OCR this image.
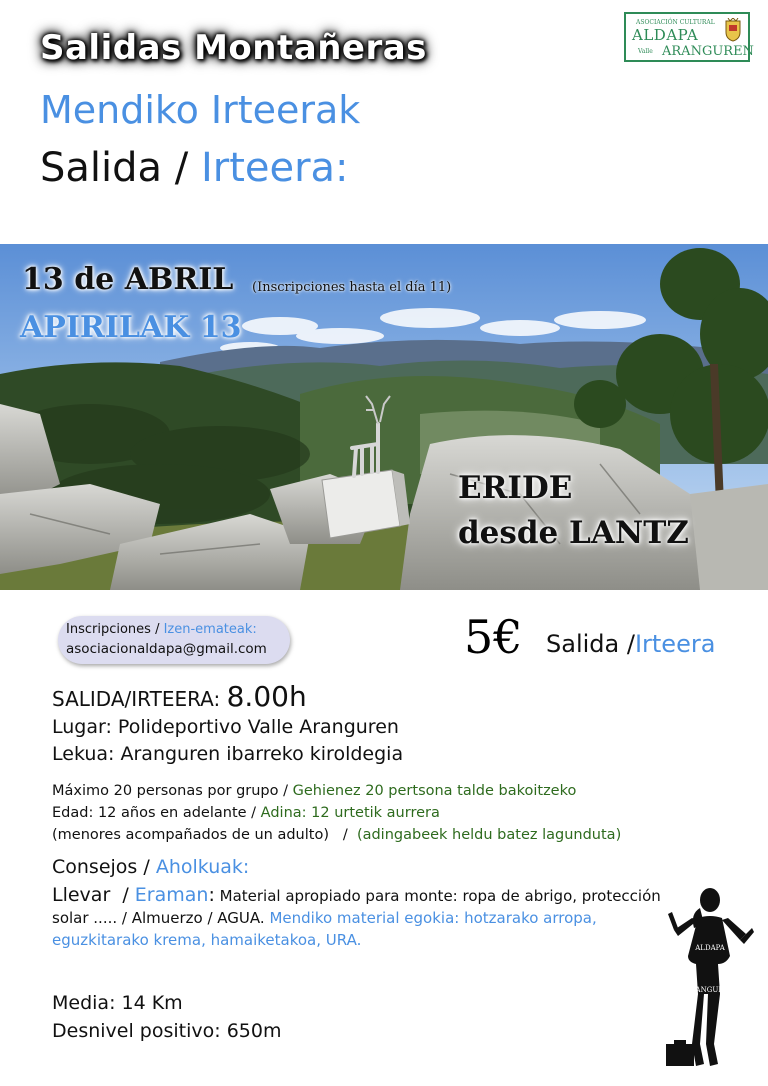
Salidas Montañeras
Mendiko Irteerak
Salida / Irteera:
ASOCIACIÓN CULTURAL
ALDAPA
Valle ARANGUREN
13 de ABRIL (Inscripciones hasta el día 11)
APIRILAK 13
ERIDE
desde LANTZ
Inscripciones / Izen-emateak:
asociacionaldapa@gmail.com	5€ Salida /Irteera
SALIDA/IRTEERA: 8.00h
Lugar: Polideportivo Valle Aranguren
Lekua: Aranguren ibarreko kiroldegia
Máximo 20 personas por grupo / Gehienez 20 pertsona talde bakoitzeko
Edad: 12 años en adelante / Adina: 12 urtetik aurrera
(menores acompañados de un adulto)   /  (adingabeek heldu batez lagunduta)
Consejos / Aholkuak:
Llevar  / Eraman: Material apropiado para monte: ropa de abrigo, protección solar ..... / Almuerzo / AGUA. Mendiko material egokia: hotzarako arropa, eguzkitarako krema, hamaiketakoa, URA.
Media: 14 Km
Desnivel positivo: 650m
ALDAPA
ARANGUREN
